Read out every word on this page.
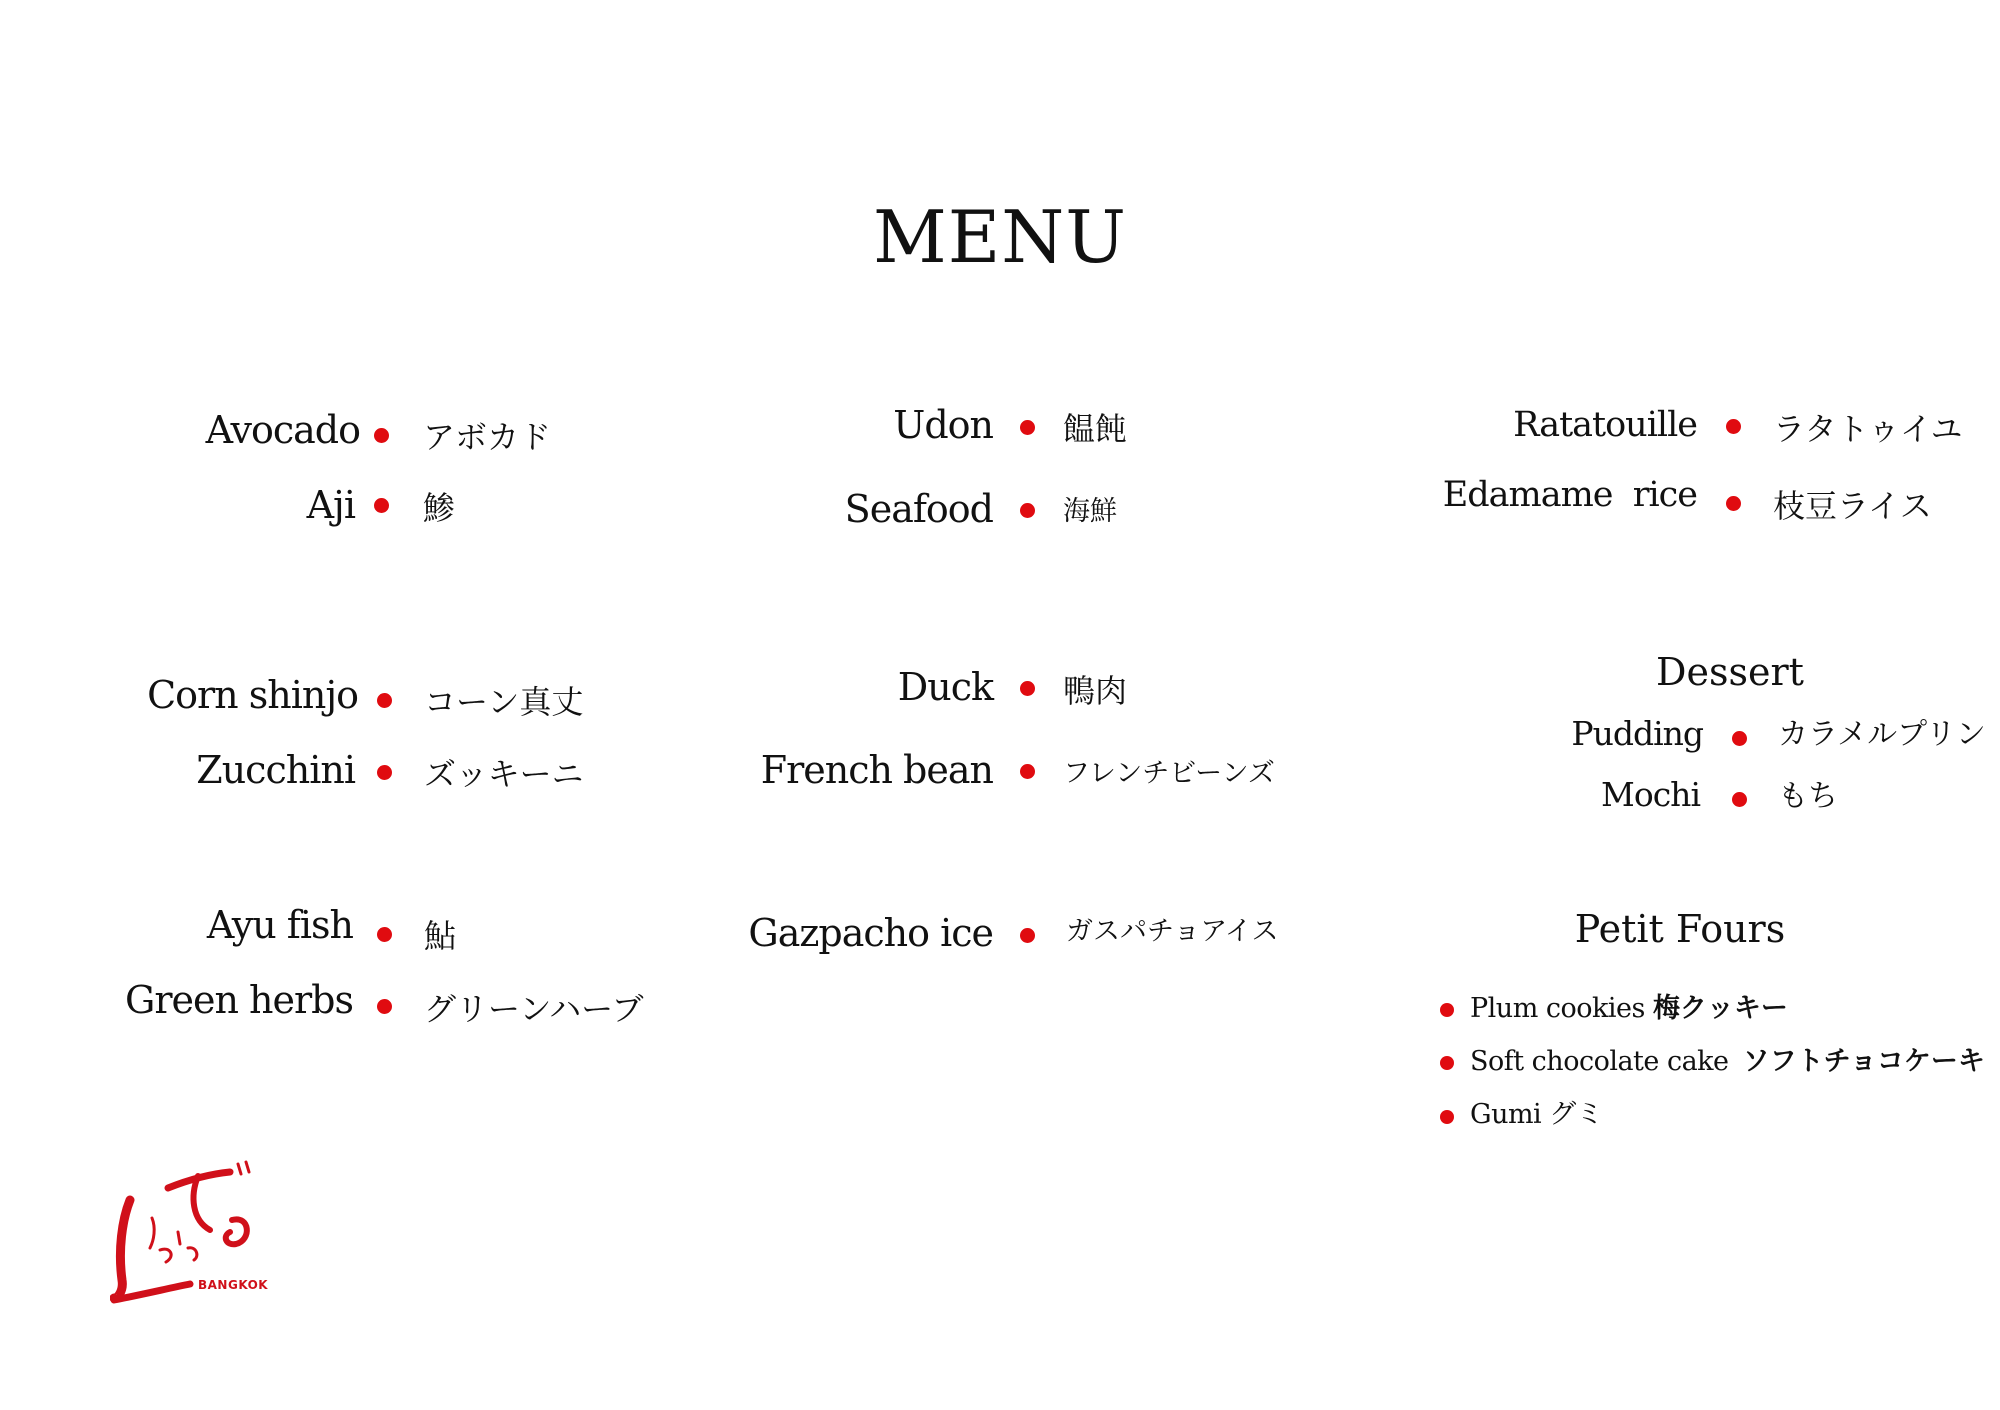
MENU
Avocado アボカド
Aji 鯵
Corn shinjo コーン真丈
Zucchini ズッキーニ
Ayu fish 鮎
Green herbs グリーンハーブ
Udon 饂飩
Seafood	海鮮
Duck 鴨肉
French bean	フレンチビーンズ
Gazpacho ice	ガスパチョアイス
Ratatouille ラタトゥイユ
Edamame  rice 枝豆ライス
Dessert
Pudding	カラメルプリン
Mochi	もち
Petit Fours
Plum cookies 梅クッキー
Soft chocolate cake ソフトチョコケーキ
Gumi グミ
BANGKOK
